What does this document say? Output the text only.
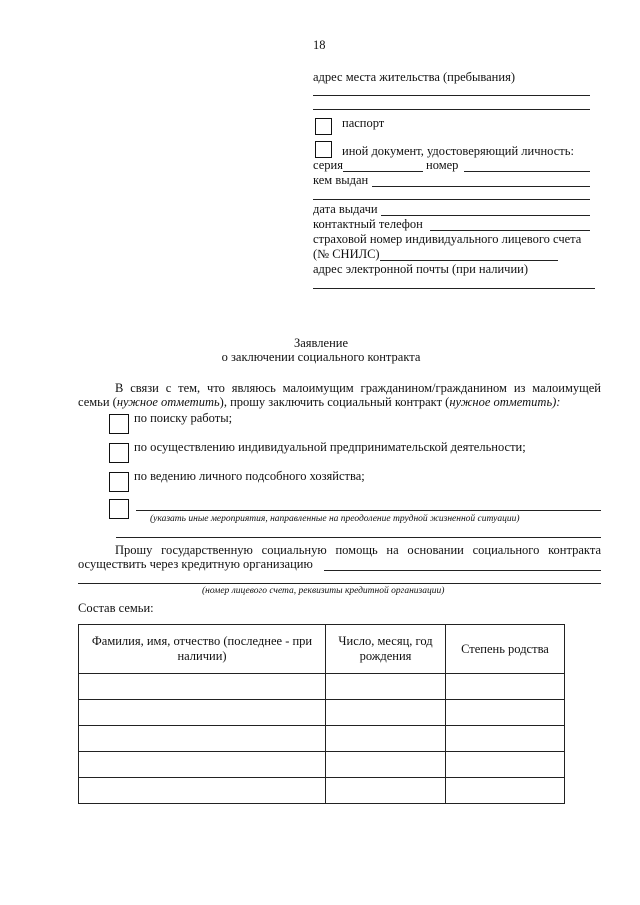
18
адрес места жительства (пребывания)
паспорт
иной документ, удостоверяющий личность:
серия	номер
кем выдан
дата выдачи
контактный телефон
страховой номер индивидуального лицевого счета
(№ СНИЛС)
адрес электронной почты (при наличии)
Заявление
о заключении социального контракта
В связи с тем, что являюсь малоимущим гражданином/гражданином из малоимущей
семьи (нужное отметить), прошу заключить социальный контракт (нужное отметить):
по поиску работы;
по осуществлению индивидуальной предпринимательской деятельности;
по ведению личного подсобного хозяйства;
(указать иные мероприятия, направленные на преодоление трудной жизненной ситуации)
Прошу государственную социальную помощь на основании социального контракта
осуществить через кредитную организацию
(номер лицевого счета, реквизиты кредитной организации)
Состав семьи:
Фамилия, имя, отчество (последнее - при наличии)	Число, месяц, год рождения	Степень родства
